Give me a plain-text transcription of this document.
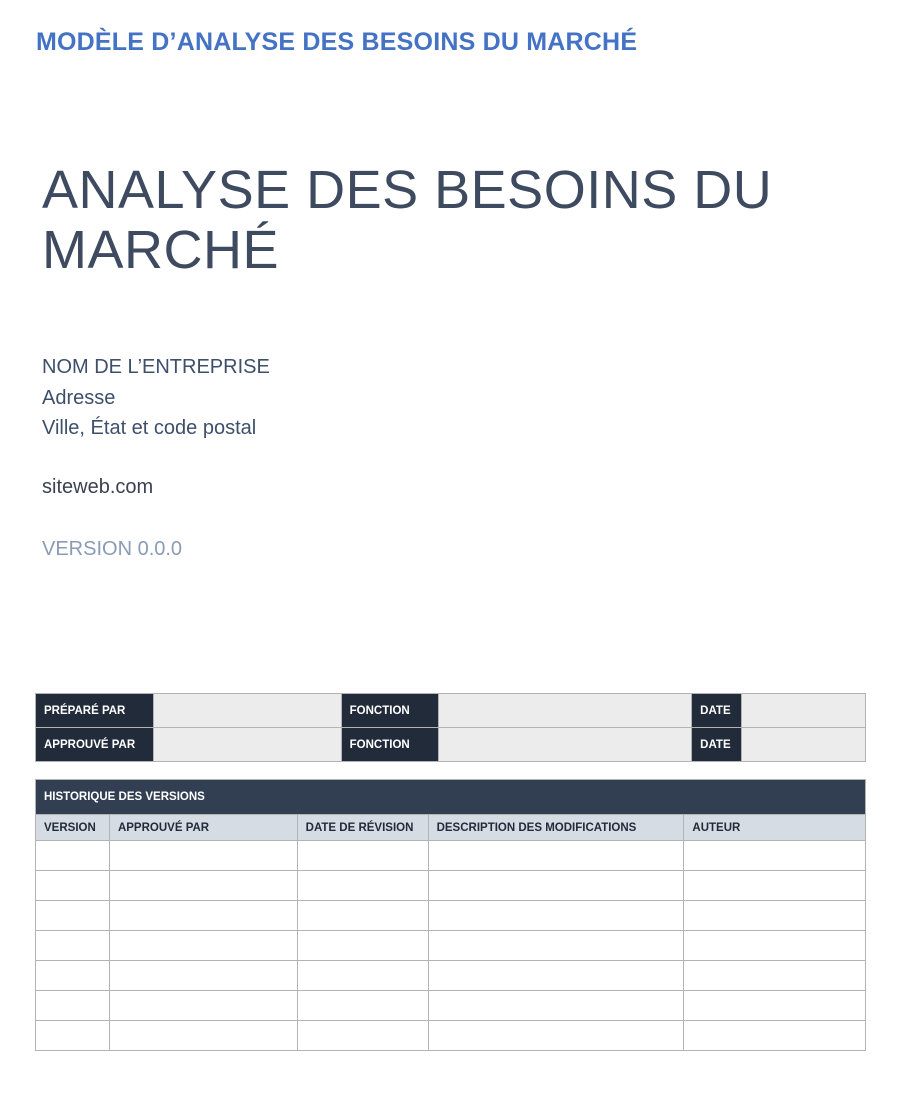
MODÈLE D’ANALYSE DES BESOINS DU MARCHÉ
ANALYSE DES BESOINS DU
MARCHÉ
NOM DE L’ENTREPRISE
Adresse
Ville, État et code postal
siteweb.com
VERSION 0.0.0
PRÉPARÉ PAR		FONCTION		DATE	
APPROUVÉ PAR		FONCTION		DATE	
HISTORIQUE DES VERSIONS				
VERSION	APPROUVÉ PAR	DATE DE RÉVISION	DESCRIPTION DES MODIFICATIONS	AUTEUR
